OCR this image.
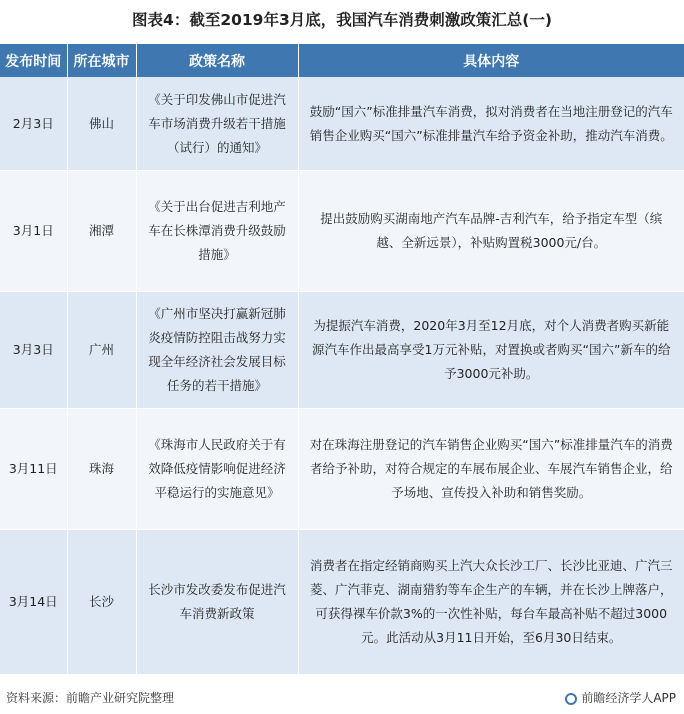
图表4：截至2019年3月底，我国汽车消费刺激政策汇总(一)
发布时间	所在城市	政策名称	具体内容
2月3日	佛山	《关于印发佛山市促进汽车市场消费升级若干措施（试行）的通知》	鼓励“国六”标准排量汽车消费，拟对消费者在当地注册登记的汽车销售企业购买“国六”标准排量汽车给予资金补助，推动汽车消费。
3月1日	湘潭	《关于出台促进吉利地产车在长株潭消费升级鼓励措施》	提出鼓励购买湖南地产汽车品牌-吉利汽车，给予指定车型（缤越、全新远景），补贴购置税3000元/台。
3月3日	广州	《广州市坚决打赢新冠肺炎疫情防控阻击战努力实现全年经济社会发展目标任务的若干措施》	为提振汽车消费，2020年3月至12月底，对个人消费者购买新能源汽车作出最高享受1万元补贴，对置换或者购买“国六”新车的给予3000元补助。
3月11日	珠海	《珠海市人民政府关于有效降低疫情影响促进经济平稳运行的实施意见》	对在珠海注册登记的汽车销售企业购买“国六”标准排量汽车的消费者给予补助，对符合规定的车展布展企业、车展汽车销售企业，给予场地、宣传投入补助和销售奖励。
3月14日	长沙	长沙市发改委发布促进汽车消费新政策	消费者在指定经销商购买上汽大众长沙工厂、长沙比亚迪、广汽三菱、广汽菲克、湖南猎豹等车企生产的车辆，并在长沙上牌落户，可获得裸车价款3%的一次性补贴，每台车最高补贴不超过3000元。此活动从3月11日开始，至6月30日结束。
资料来源：前瞻产业研究院整理	前瞻经济学人APP
